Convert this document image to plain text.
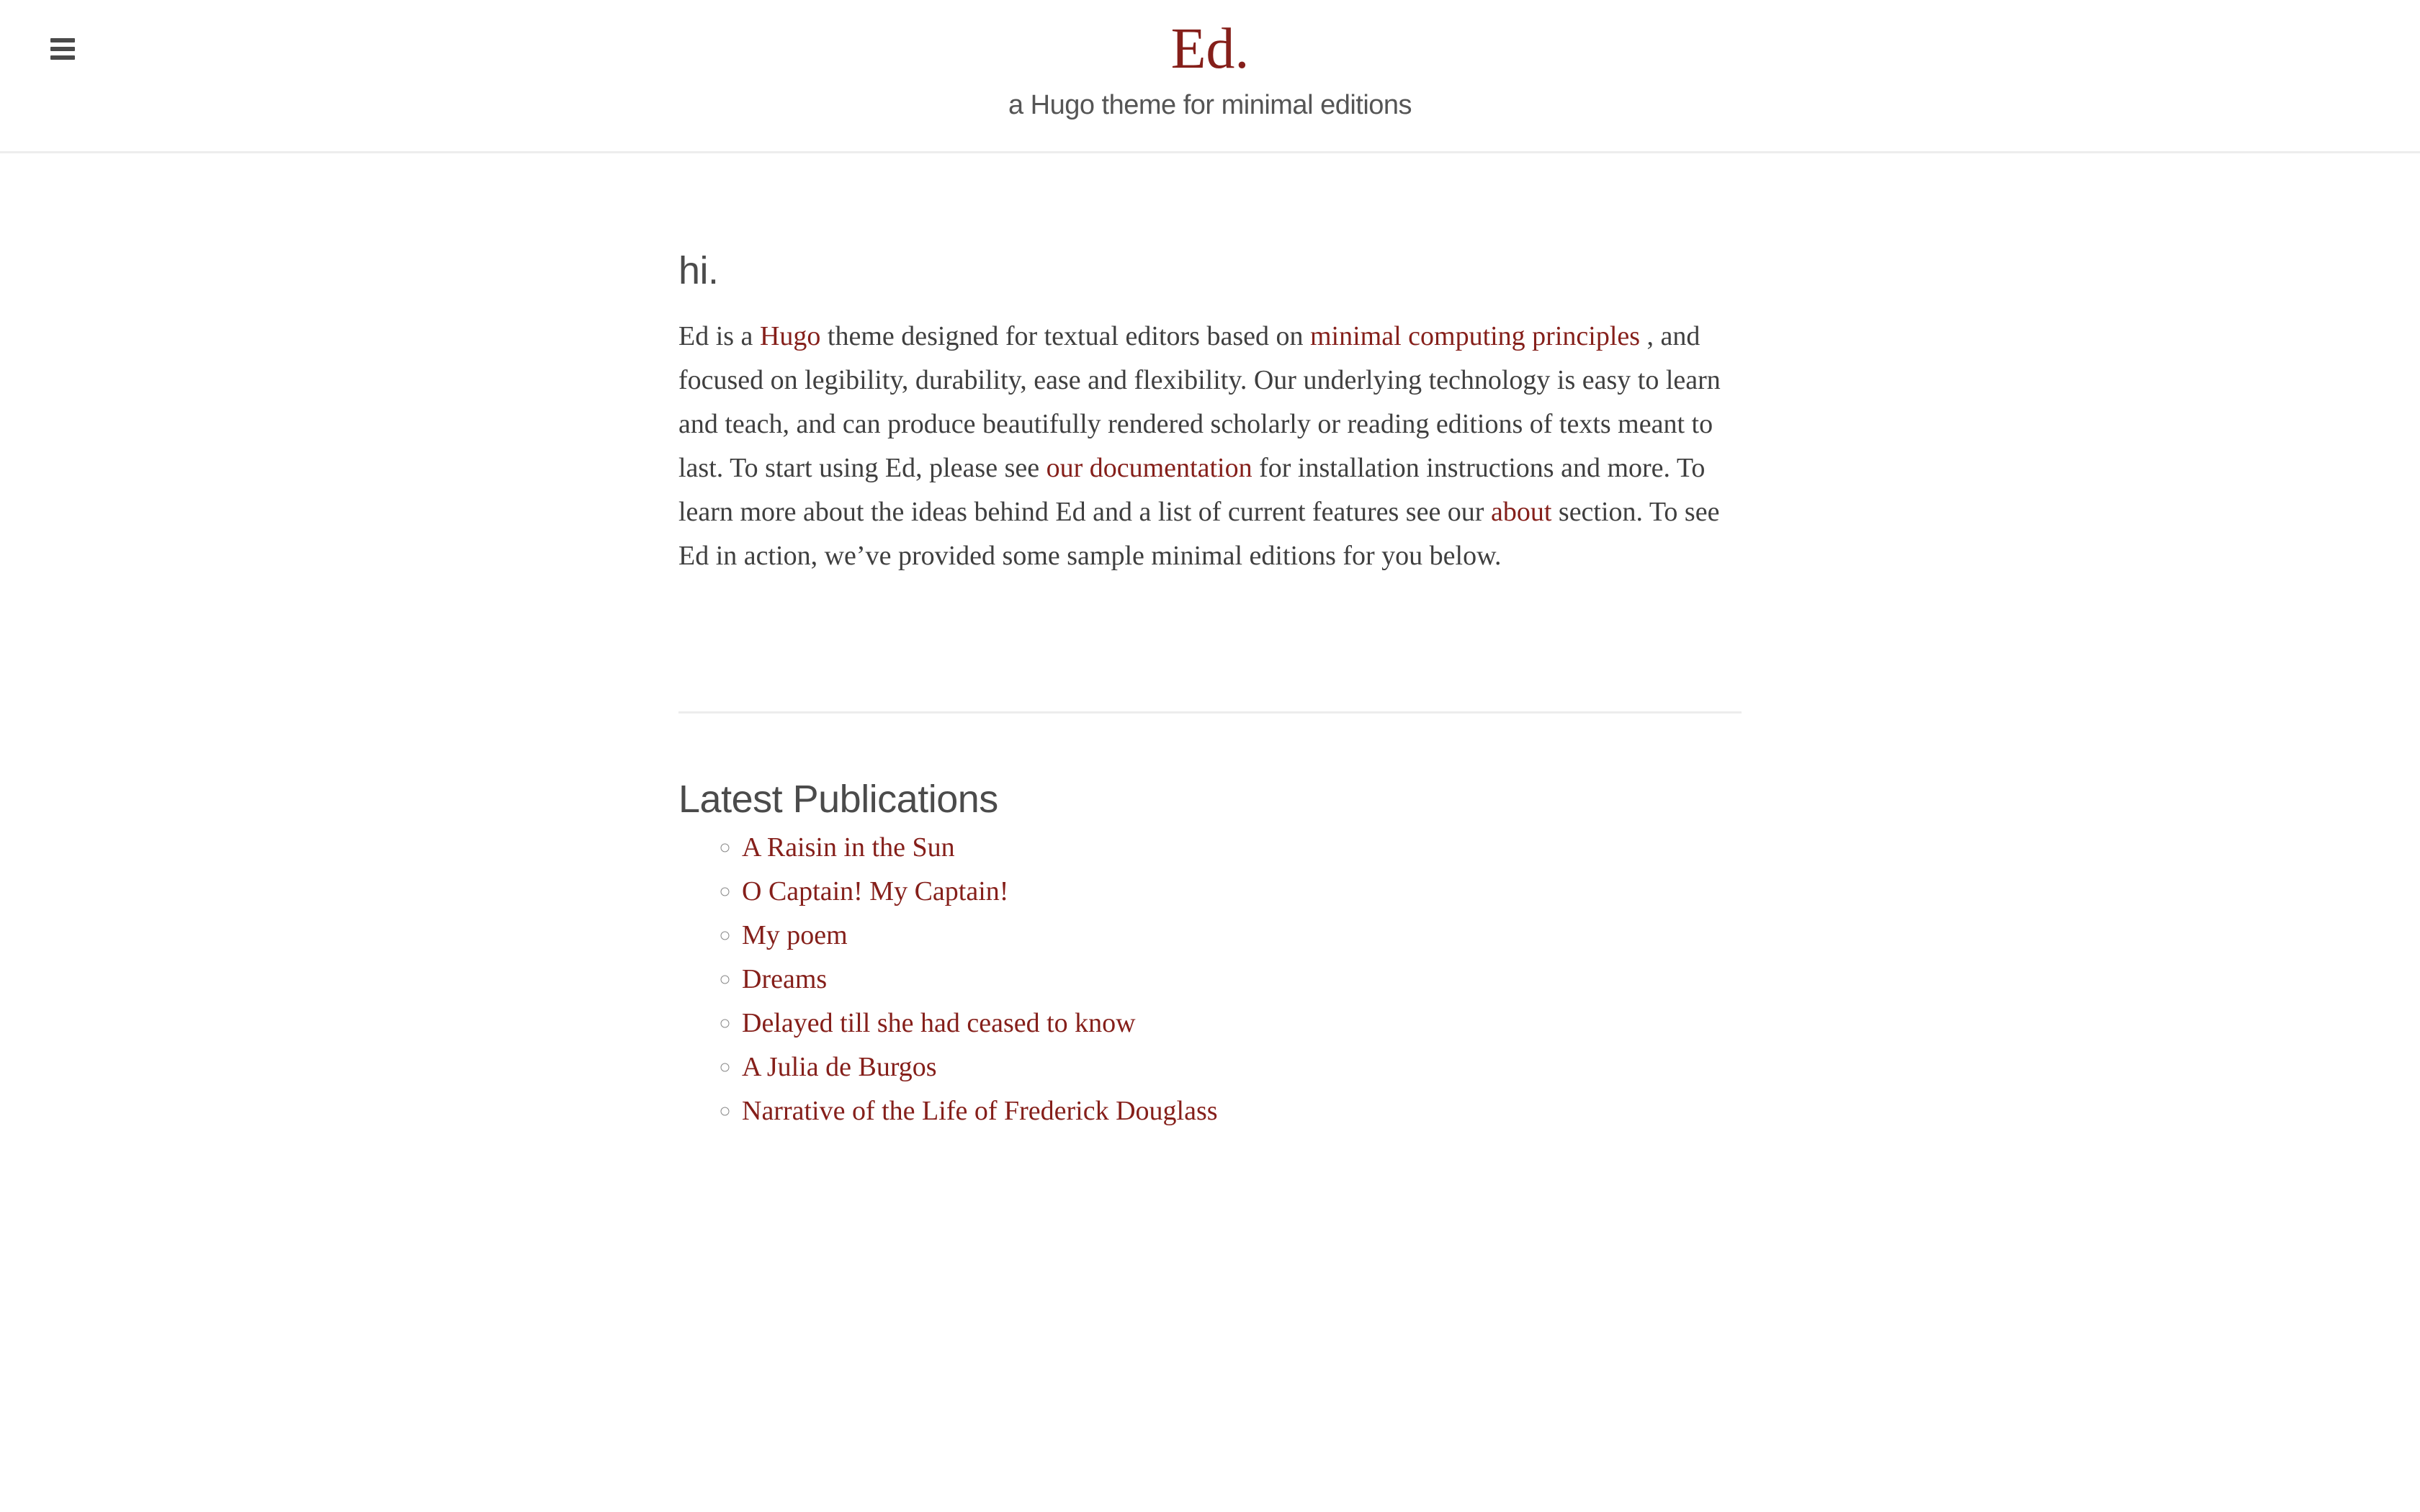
Ed.

a Hugo theme for minimal editions

hi.

Ed is a Hugo theme designed for textual editors based on minimal computing principles , and focused on legibility, durability, ease and flexibility. Our underlying technology is easy to learn and teach, and can produce beautifully rendered scholarly or reading editions of texts meant to last. To start using Ed, please see our documentation for installation instructions and more. To learn more about the ideas behind Ed and a list of current features see our about section. To see Ed in action, we’ve provided some sample minimal editions for you below.

Latest Publications
◦ A Raisin in the Sun
◦ O Captain! My Captain!
◦ My poem
◦ Dreams
◦ Delayed till she had ceased to know
◦ A Julia de Burgos
◦ Narrative of the Life of Frederick Douglass
